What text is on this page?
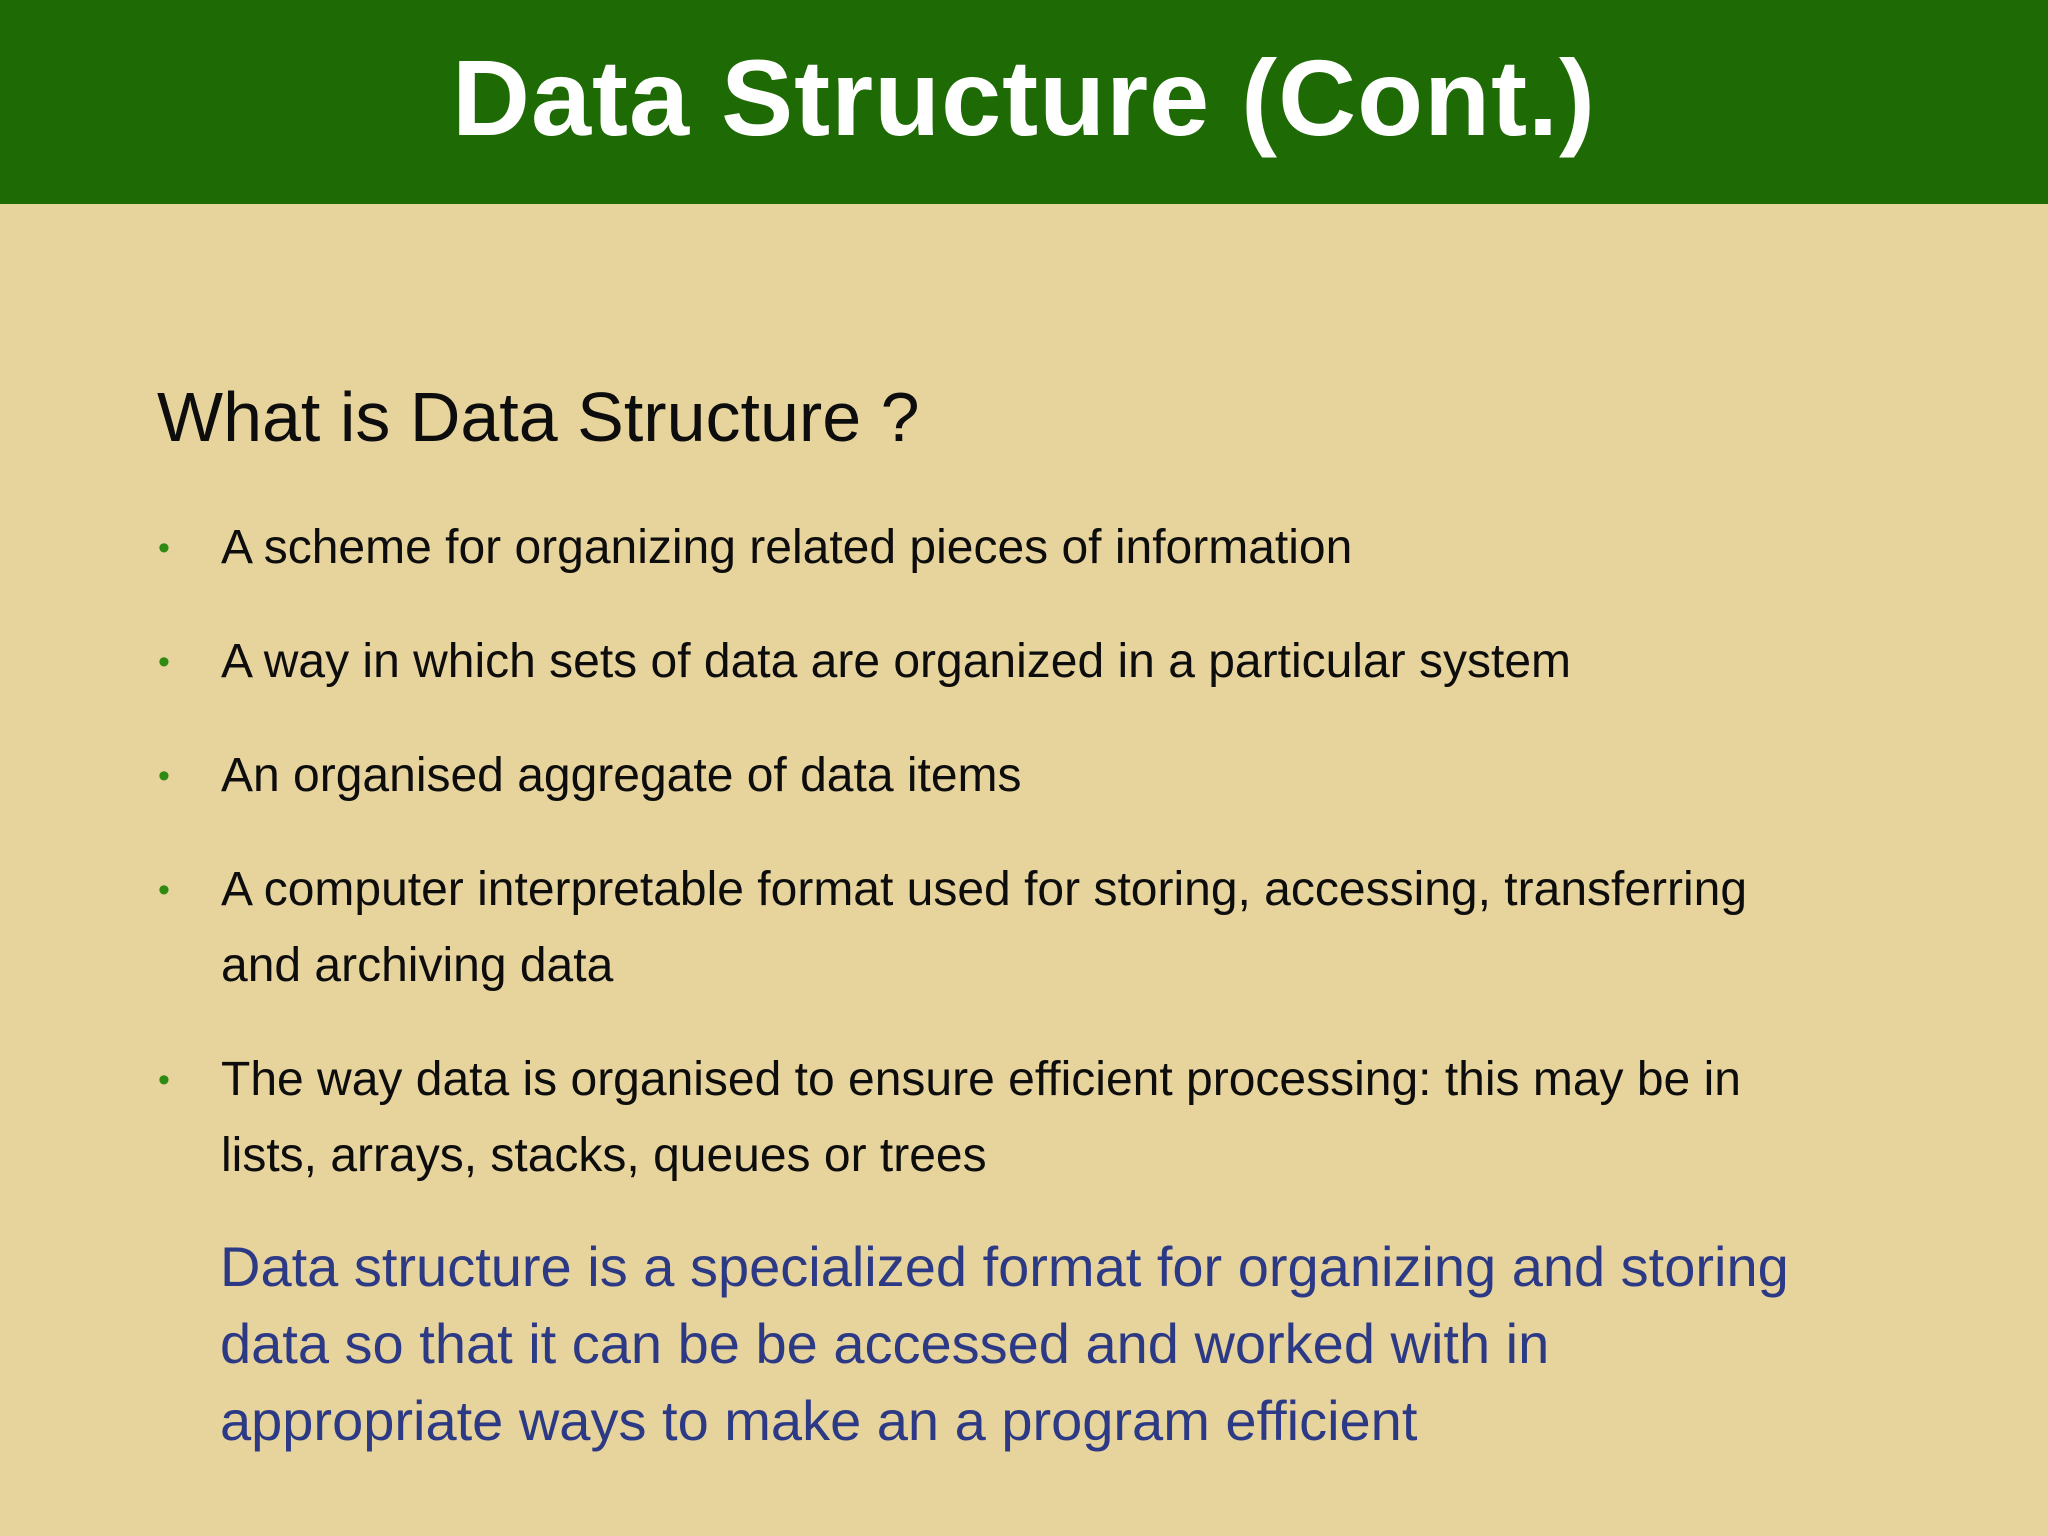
Data Structure (Cont.)
What is Data Structure ?
•	A scheme for organizing related pieces of information
•	A way in which sets of data are organized in a particular system
•	An organised aggregate of data items
•	A computer interpretable format used for storing, accessing, transferring
and archiving data
•	The way data is organised to ensure efficient processing: this may be in
lists, arrays, stacks, queues or trees
Data structure is a specialized format for organizing and storing
data so that it can be be accessed and worked with in
appropriate ways to make an a program efficient
